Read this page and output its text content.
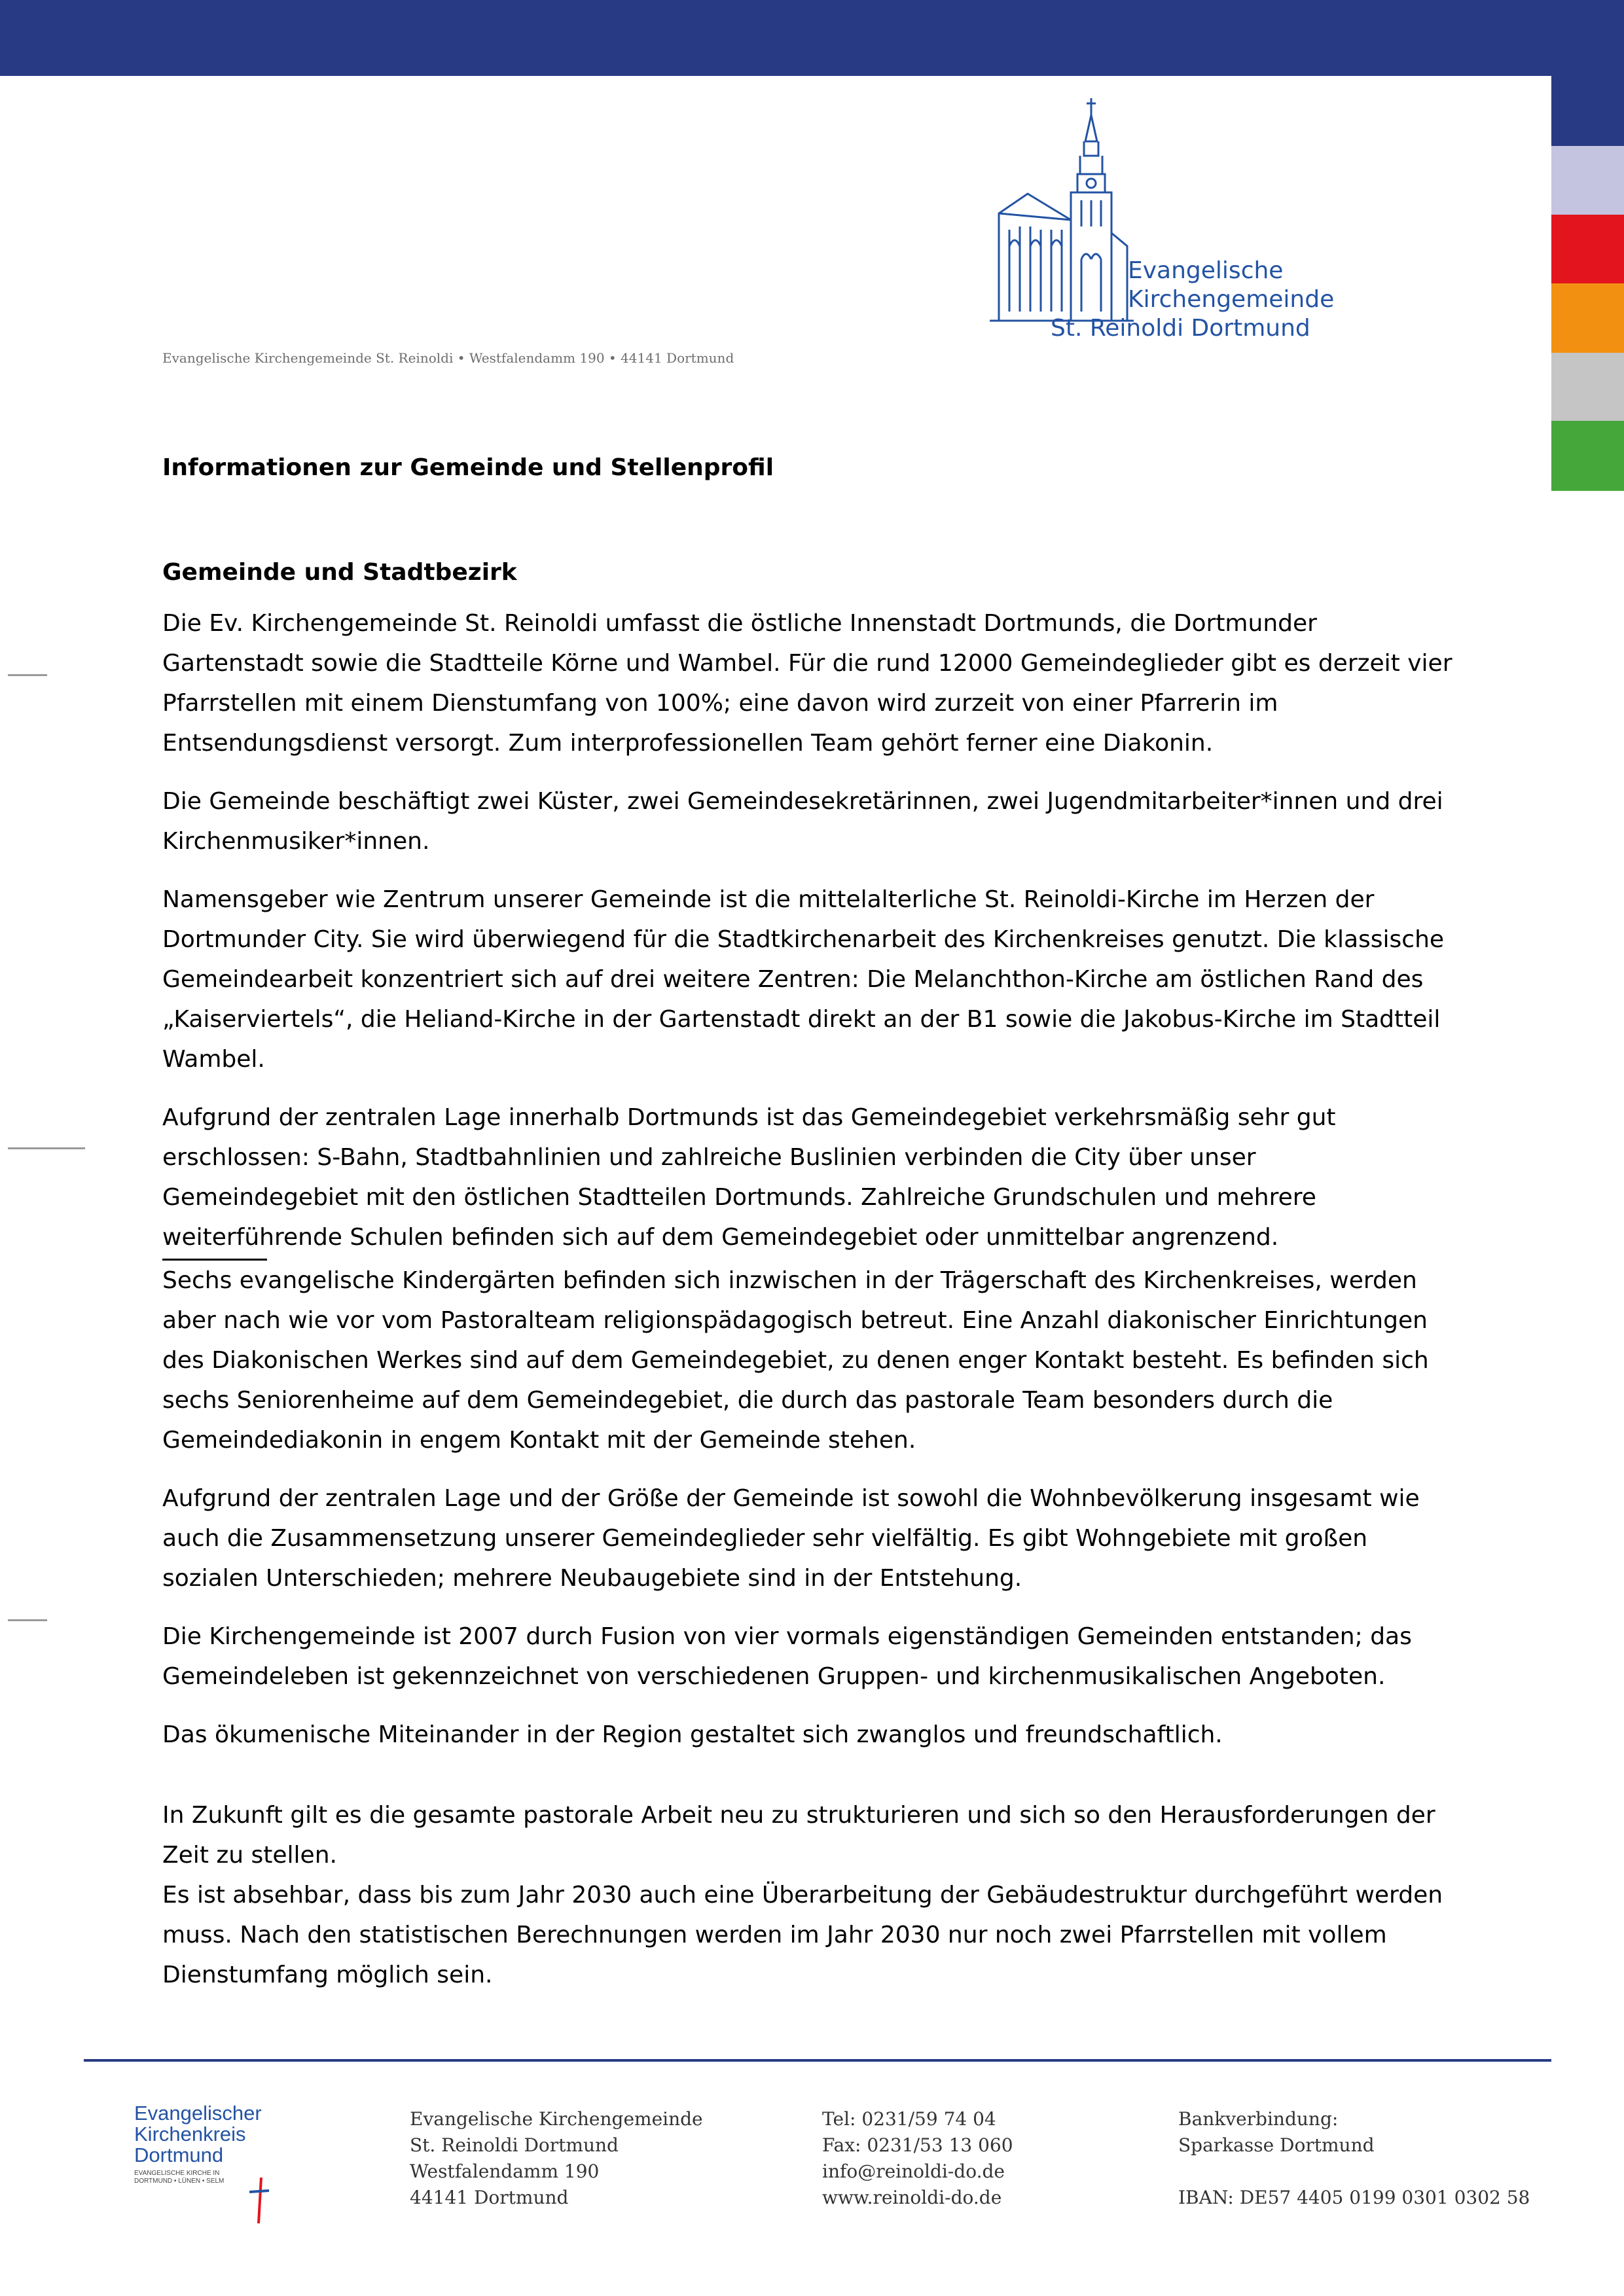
Evangelische
Kirchengemeinde
St. Reinoldi Dortmund
Evangelische Kirchengemeinde St. Reinoldi • Westfalendamm 190 • 44141 Dortmund
Informationen zur Gemeinde und Stellenprofil
Gemeinde und Stadtbezirk

Die Ev. Kirchengemeinde St. Reinoldi umfasst die östliche Innenstadt Dortmunds, die Dortmunder Gartenstadt sowie die Stadtteile Körne und Wambel. Für die rund 12000 Gemeindeglieder gibt es derzeit vier Pfarrstellen mit einem Dienstumfang von 100%; eine davon wird zurzeit von einer Pfarrerin im Entsendungsdienst versorgt. Zum interprofessionellen Team gehört ferner eine Diakonin.

Die Gemeinde beschäftigt zwei Küster, zwei Gemeindesekretärinnen, zwei Jugendmitarbeiter*innen und drei Kirchenmusiker*innen.

Namensgeber wie Zentrum unserer Gemeinde ist die mittelalterliche St. Reinoldi-Kirche im Herzen der Dortmunder City. Sie wird überwiegend für die Stadtkirchenarbeit des Kirchenkreises genutzt. Die klassische Gemeindearbeit konzentriert sich auf drei weitere Zentren: Die Melanchthon-Kirche am östlichen Rand des „Kaiserviertels“, die Heliand-Kirche in der Gartenstadt direkt an der B1 sowie die Jakobus-Kirche im Stadtteil Wambel.

Aufgrund der zentralen Lage innerhalb Dortmunds ist das Gemeindegebiet verkehrsmäßig sehr gut erschlossen: S-Bahn, Stadtbahnlinien und zahlreiche Buslinien verbinden die City über unser Gemeindegebiet mit den östlichen Stadtteilen Dortmunds. Zahlreiche Grundschulen und mehrere weiterführende Schulen befinden sich auf dem Gemeindegebiet oder unmittelbar angrenzend.

Sechs evangelische Kindergärten befinden sich inzwischen in der Trägerschaft des Kirchenkreises, werden aber nach wie vor vom Pastoralteam religionspädagogisch betreut. Eine Anzahl diakonischer Einrichtungen des Diakonischen Werkes sind auf dem Gemeindegebiet, zu denen enger Kontakt besteht. Es befinden sich sechs Seniorenheime auf dem Gemeindegebiet, die durch das pastorale Team besonders durch die Gemeindediakonin in engem Kontakt mit der Gemeinde stehen.

Aufgrund der zentralen Lage und der Größe der Gemeinde ist sowohl die Wohnbevölkerung insgesamt wie auch die Zusammensetzung unserer Gemeindeglieder sehr vielfältig. Es gibt Wohngebiete mit großen sozialen Unterschieden; mehrere Neubaugebiete sind in der Entstehung.

Die Kirchengemeinde ist 2007 durch Fusion von vier vormals eigenständigen Gemeinden entstanden; das Gemeindeleben ist gekennzeichnet von verschiedenen Gruppen- und kirchenmusikalischen Angeboten.

Das ökumenische Miteinander in der Region gestaltet sich zwanglos und freundschaftlich.

In Zukunft gilt es die gesamte pastorale Arbeit neu zu strukturieren und sich so den Herausforderungen der Zeit zu stellen.

Es ist absehbar, dass bis zum Jahr 2030 auch eine Überarbeitung der Gebäudestruktur durchgeführt werden muss. Nach den statistischen Berechnungen werden im Jahr 2030 nur noch zwei Pfarrstellen mit vollem Dienstumfang möglich sein.

Evangelischer
Kirchenkreis
Dortmund
EVANGELISCHE KIRCHE IN
DORTMUND • LÜNEN • SELM
Evangelische Kirchengemeinde
St. Reinoldi Dortmund
Westfalendamm 190
44141 Dortmund
Tel: 0231/59 74 04
Fax: 0231/53 13 060
info@reinoldi-do.de
www.reinoldi-do.de
Bankverbindung:
Sparkasse Dortmund
IBAN: DE57 4405 0199 0301 0302 58
